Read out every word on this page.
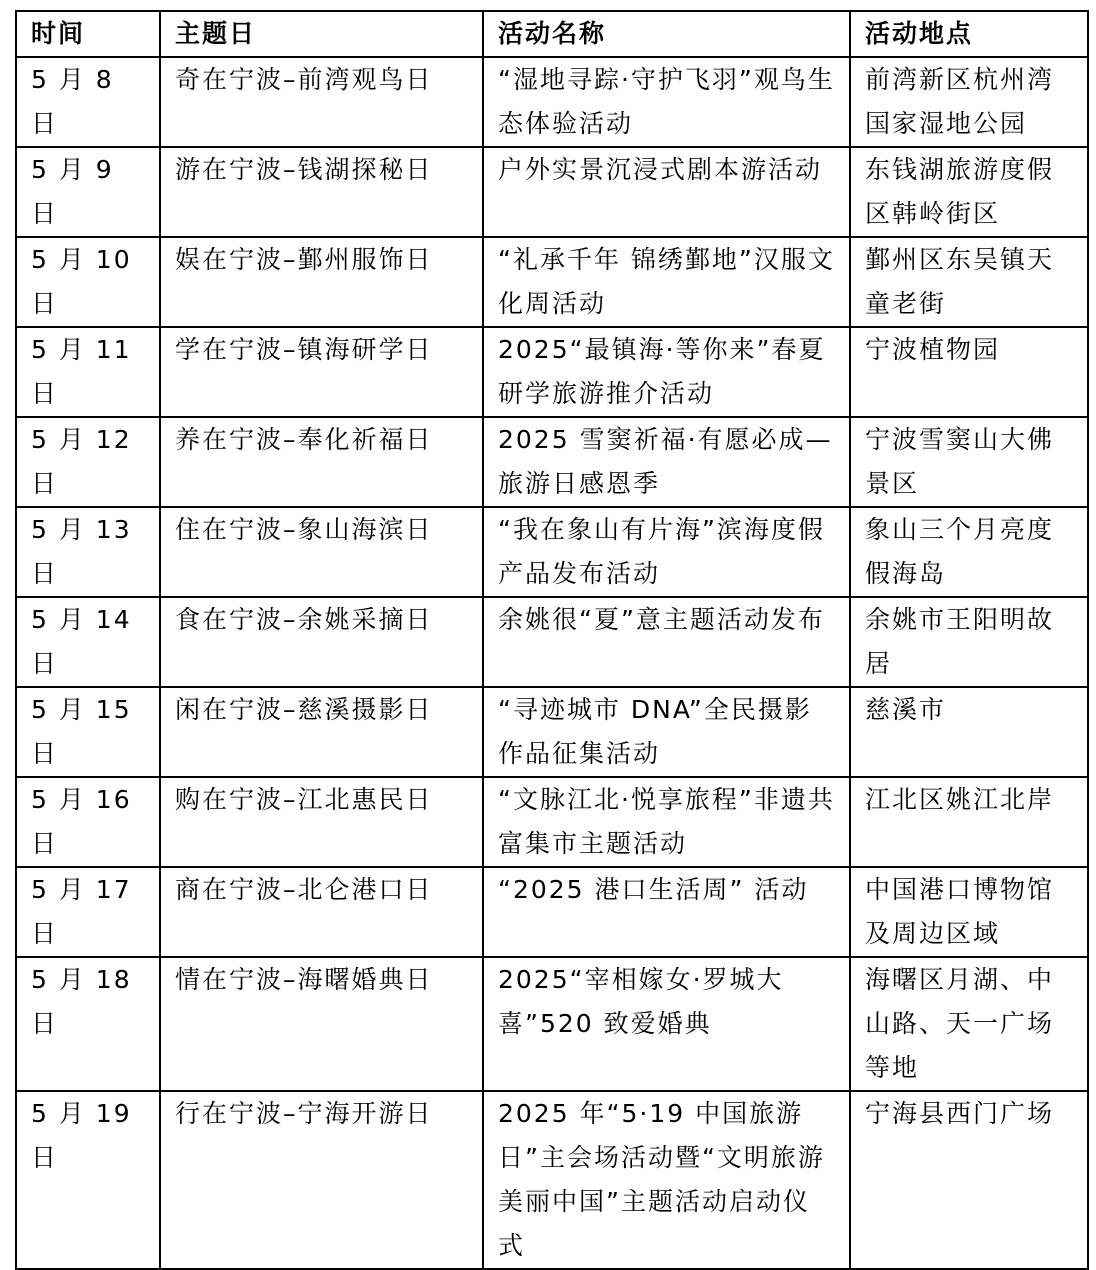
时间	主题日	活动名称	活动地点
5 月 8 日	奇在宁波–前湾观鸟日	“湿地寻踪·守护飞羽”观鸟生态体验活动	前湾新区杭州湾国家湿地公园
5 月 9 日	游在宁波–钱湖探秘日	户外实景沉浸式剧本游活动	东钱湖旅游度假区韩岭街区
5 月 10 日	娱在宁波–鄞州服饰日	“礼承千年 锦绣鄞地”汉服文化周活动	鄞州区东吴镇天童老街
5 月 11 日	学在宁波–镇海研学日	2025“最镇海·等你来”春夏研学旅游推介活动	宁波植物园
5 月 12 日	养在宁波–奉化祈福日	2025 雪窦祈福·有愿必成—旅游日感恩季	宁波雪窦山大佛景区
5 月 13 日	住在宁波–象山海滨日	“我在象山有片海”滨海度假产品发布活动	象山三个月亮度假海岛
5 月 14 日	食在宁波–余姚采摘日	余姚很“夏”意主题活动发布	余姚市王阳明故居
5 月 15 日	闲在宁波–慈溪摄影日	“寻迹城市 DNA”全民摄影作品征集活动	慈溪市
5 月 16 日	购在宁波–江北惠民日	“文脉江北·悦享旅程”非遗共富集市主题活动	江北区姚江北岸
5 月 17 日	商在宁波–北仑港口日	“2025 港口生活周” 活动	中国港口博物馆及周边区域
5 月 18 日	情在宁波–海曙婚典日	2025“宰相嫁女·罗城大喜”520 致爱婚典	海曙区月湖、中山路、天一广场等地
5 月 19 日	行在宁波–宁海开游日	2025 年“5·19 中国旅游日”主会场活动暨“文明旅游 美丽中国”主题活动启动仪式	宁海县西门广场
